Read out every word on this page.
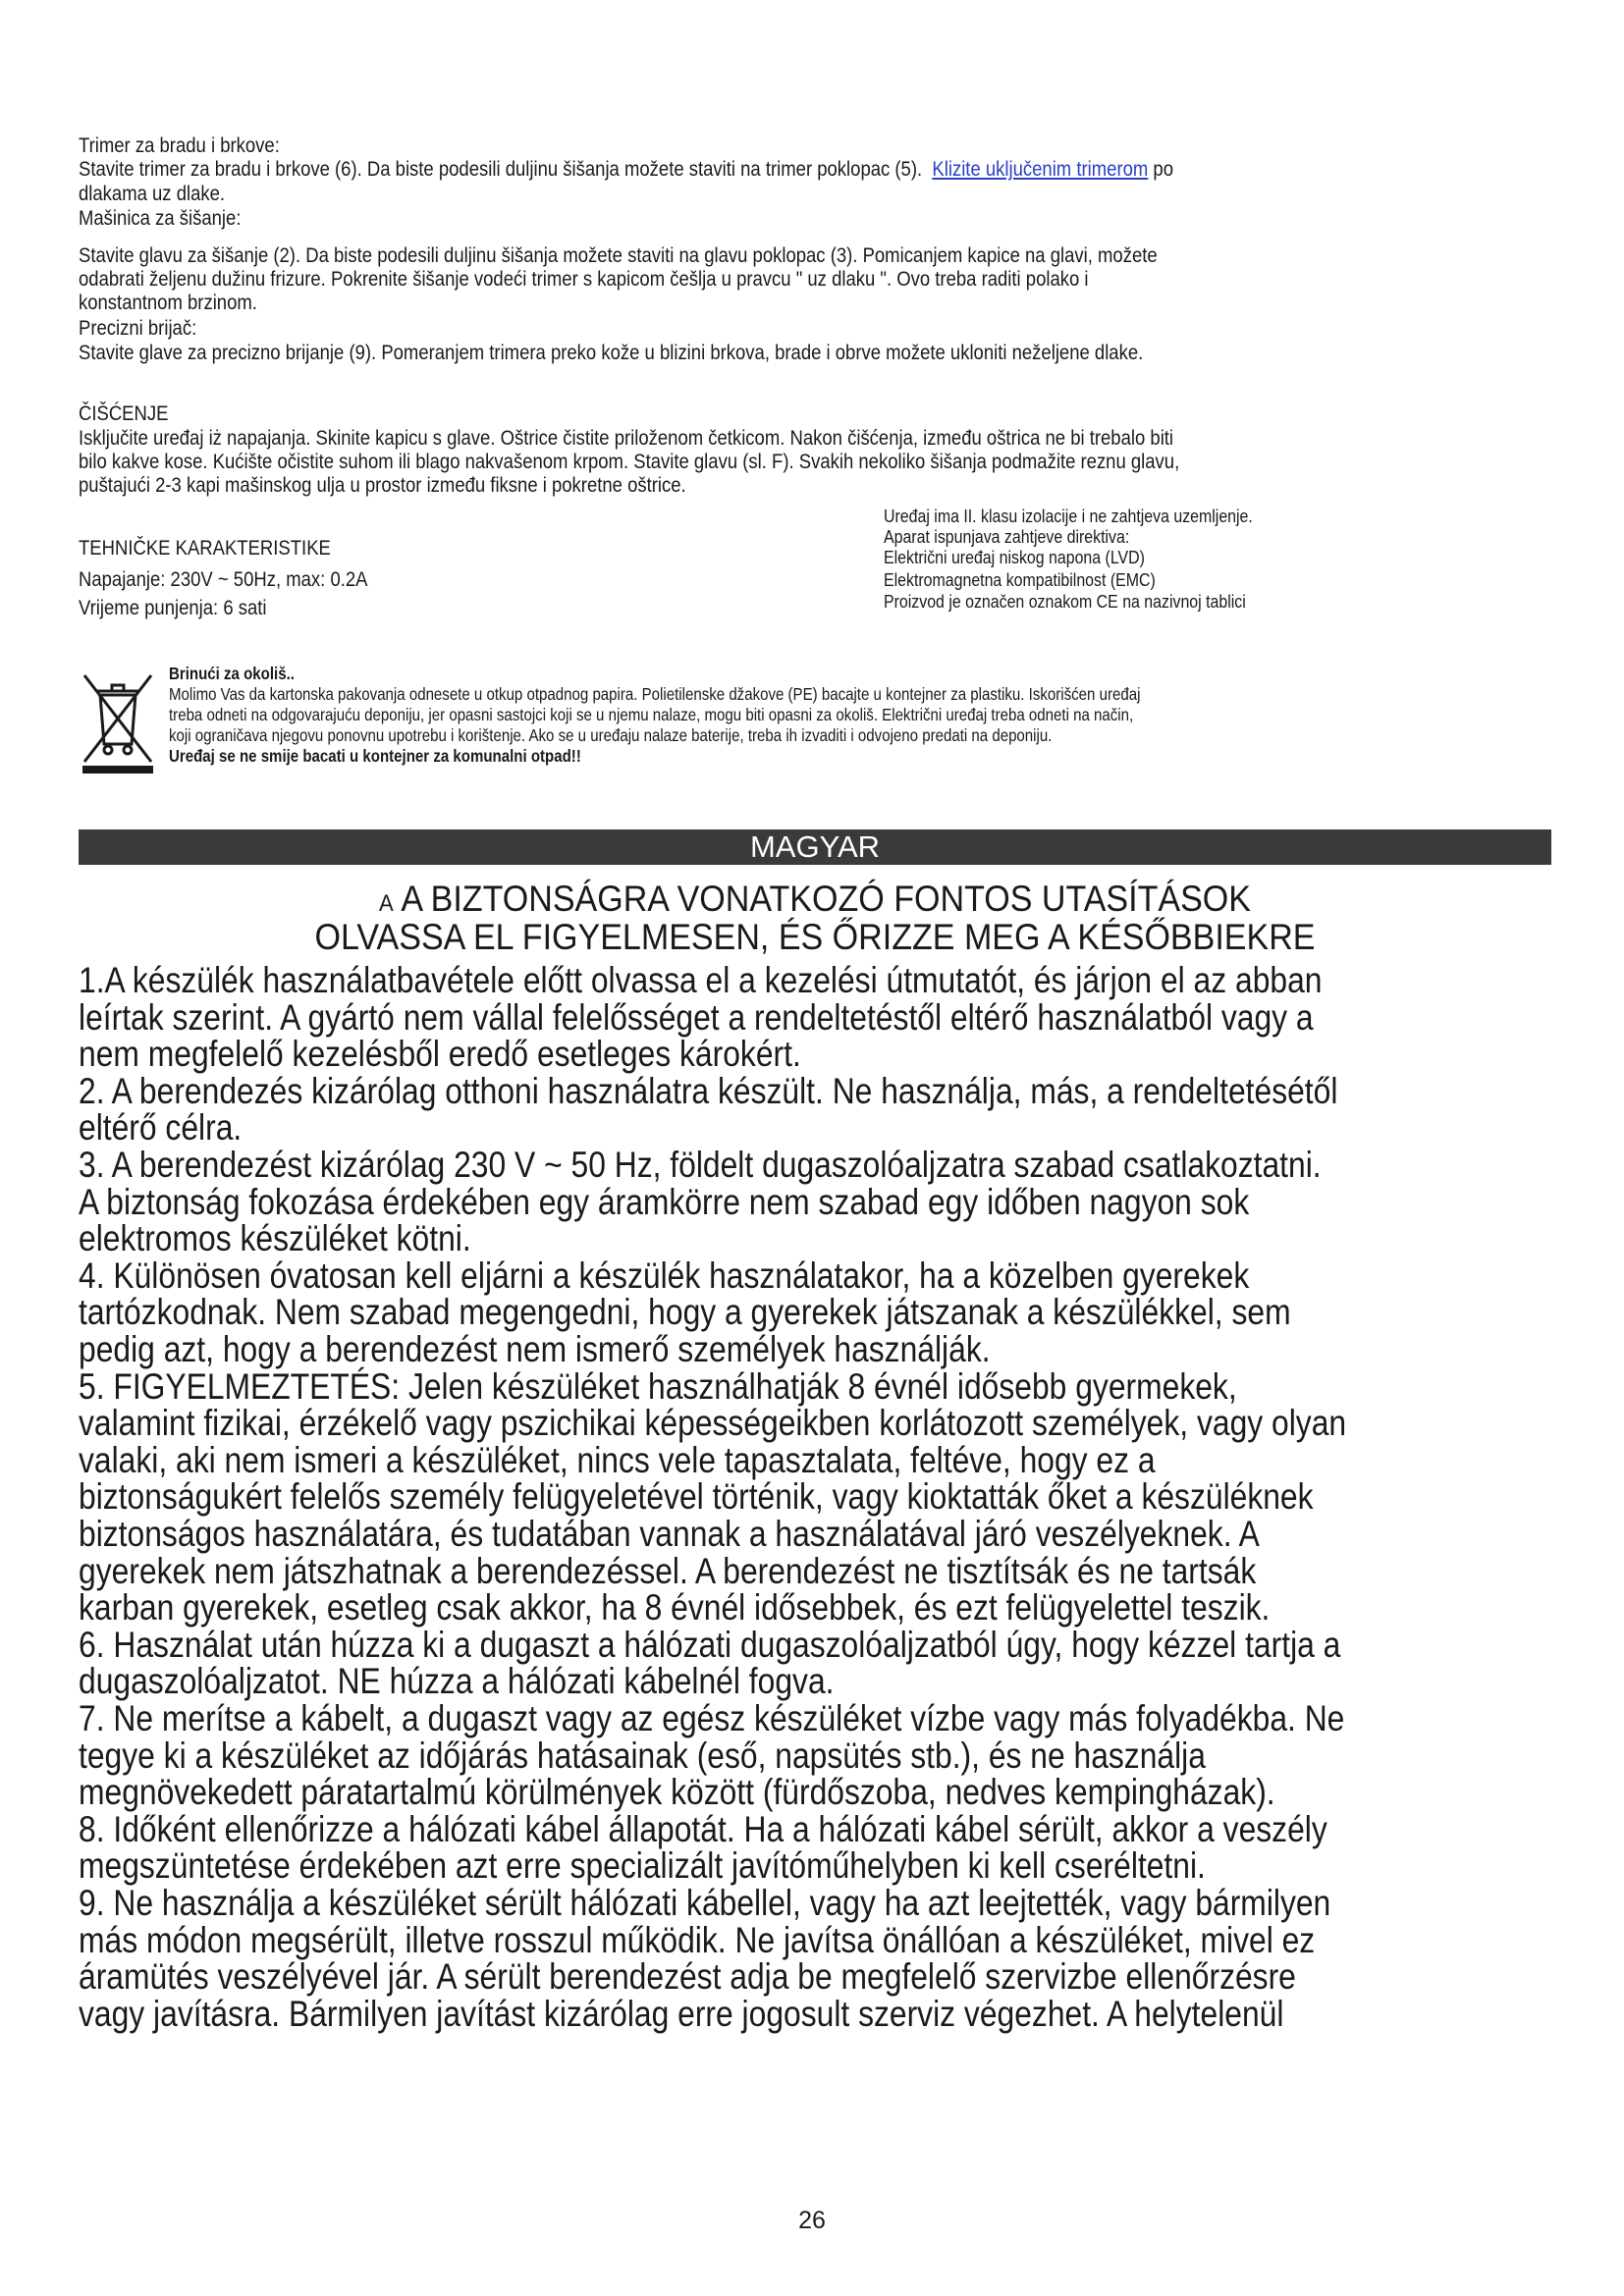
Trimer za bradu i brkove:

Stavite trimer za bradu i brkove (6). Da biste podesili duljinu šišanja možete staviti na trimer poklopac (5). Klizite uključenim trimerom po

dlakama uz dlake.

Mašinica za šišanje:

Stavite glavu za šišanje (2). Da biste podesili duljinu šišanja možete staviti na glavu poklopac (3). Pomicanjem kapice na glavi, možete

odabrati željenu dužinu frizure. Pokrenite šišanje vodeći trimer s kapicom češlja u pravcu " uz dlaku ". Ovo treba raditi polako i

konstantnom brzinom.

Precizni brijač:

Stavite glave za precizno brijanje (9). Pomeranjem trimera preko kože u blizini brkova, brade i obrve možete ukloniti neželjene dlake.

ČIŠĆENJE

Isključite uređaj iż napajanja. Skinite kapicu s glave. Oštrice čistite priloženom četkicom. Nakon čišćenja, između oštrica ne bi trebalo biti

bilo kakve kose. Kućište očistite suhom ili blago nakvašenom krpom. Stavite glavu (sl. F). Svakih nekoliko šišanja podmažite reznu glavu,

puštajući 2-3 kapi mašinskog ulja u prostor između fiksne i pokretne oštrice.

TEHNIČKE KARAKTERISTIKE

Napajanje: 230V ~ 50Hz, max: 0.2A

Vrijeme punjenja: 6 sati

Uređaj ima II. klasu izolacije i ne zahtjeva uzemljenje.

Aparat ispunjava zahtjeve direktiva:

Električni uređaj niskog napona (LVD)

Elektromagnetna kompatibilnost (EMC)

Proizvod je označen oznakom CE na nazivnoj tablici

Brinući za okoliš..

Molimo Vas da kartonska pakovanja odnesete u otkup otpadnog papira. Polietilenske džakove (PE) bacajte u kontejner za plastiku. Iskorišćen uređaj

treba odneti na odgovarajuću deponiju, jer opasni sastojci koji se u njemu nalaze, mogu biti opasni za okoliš. Električni uređaj treba odneti na način,

koji ograničava njegovu ponovnu upotrebu i korištenje. Ako se u uređaju nalaze baterije, treba ih izvaditi i odvojeno predati na deponiju.

Uređaj se ne smije bacati u kontejner za komunalni otpad!!

MAGYAR

A A BIZTONSÁGRA VONATKOZÓ FONTOS UTASÍTÁSOK

OLVASSA EL FIGYELMESEN, ÉS ŐRIZZE MEG A KÉSŐBBIEKRE

1.A készülék használatbavétele előtt olvassa el a kezelési útmutatót, és járjon el az abban

leírtak szerint. A gyártó nem vállal felelősséget a rendeltetéstől eltérő használatból vagy a

nem megfelelő kezelésből eredő esetleges károkért.

2. A berendezés kizárólag otthoni használatra készült. Ne használja, más, a rendeltetésétől

eltérő célra.

3. A berendezést kizárólag 230 V ~ 50 Hz, földelt dugaszolóaljzatra szabad csatlakoztatni.

A biztonság fokozása érdekében egy áramkörre nem szabad egy időben nagyon sok

elektromos készüléket kötni.

4. Különösen óvatosan kell eljárni a készülék használatakor, ha a közelben gyerekek

tartózkodnak. Nem szabad megengedni, hogy a gyerekek játszanak a készülékkel, sem

pedig azt, hogy a berendezést nem ismerő személyek használják.

5. FIGYELMEZTETÉS: Jelen készüléket használhatják 8 évnél idősebb gyermekek,

valamint fizikai, érzékelő vagy pszichikai képességeikben korlátozott személyek, vagy olyan

valaki, aki nem ismeri a készüléket, nincs vele tapasztalata, feltéve, hogy ez a

biztonságukért felelős személy felügyeletével történik, vagy kioktatták őket a készüléknek

biztonságos használatára, és tudatában vannak a használatával járó veszélyeknek. A

gyerekek nem játszhatnak a berendezéssel. A berendezést ne tisztítsák és ne tartsák

karban gyerekek, esetleg csak akkor, ha 8 évnél idősebbek, és ezt felügyelettel teszik.

6. Használat után húzza ki a dugaszt a hálózati dugaszolóaljzatból úgy, hogy kézzel tartja a

dugaszolóaljzatot. NE húzza a hálózati kábelnél fogva.

7. Ne merítse a kábelt, a dugaszt vagy az egész készüléket vízbe vagy más folyadékba. Ne

tegye ki a készüléket az időjárás hatásainak (eső, napsütés stb.), és ne használja

megnövekedett páratartalmú körülmények között (fürdőszoba, nedves kempingházak).

8. Időként ellenőrizze a hálózati kábel állapotát. Ha a hálózati kábel sérült, akkor a veszély

megszüntetése érdekében azt erre specializált javítóműhelyben ki kell cseréltetni.

9. Ne használja a készüléket sérült hálózati kábellel, vagy ha azt leejtették, vagy bármilyen

más módon megsérült, illetve rosszul működik. Ne javítsa önállóan a készüléket, mivel ez

áramütés veszélyével jár. A sérült berendezést adja be megfelelő szervizbe ellenőrzésre

vagy javításra. Bármilyen javítást kizárólag erre jogosult szerviz végezhet. A helytelenül

26
